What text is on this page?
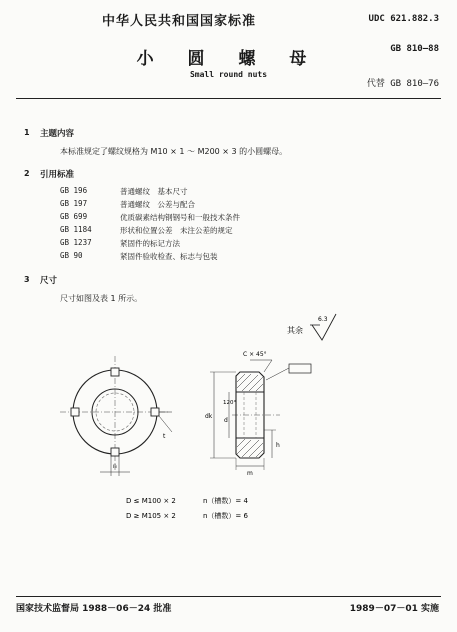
中华人民共和国国家标准	UDC 621.882.3
GB 810—88
代替 GB 810—76
小 圆 螺 母
Small round nuts
1 主题内容
本标准规定了螺纹规格为 M10 × 1 ～ M200 × 3 的小圆螺母。
2 引用标准
GB 196	普通螺纹　基本尺寸
GB 197	普通螺纹　公差与配合
GB 699	优质碳素结构钢钢号和一般技术条件
GB 1184	形状和位置公差　未注公差的规定
GB 1237	紧固件的标记方法
GB 90	紧固件验收检查、标志与包装
3 尺寸
尺寸如图及表 1 所示。
其余
6.3
n
t
120°
C × 45°
dk
d
m
h
D ≤ M100 × 2	n（槽数）= 4
D ≥ M105 × 2	n（槽数）= 6
国家技术监督局 1988－06－24 批准	1989－07－01 实施
